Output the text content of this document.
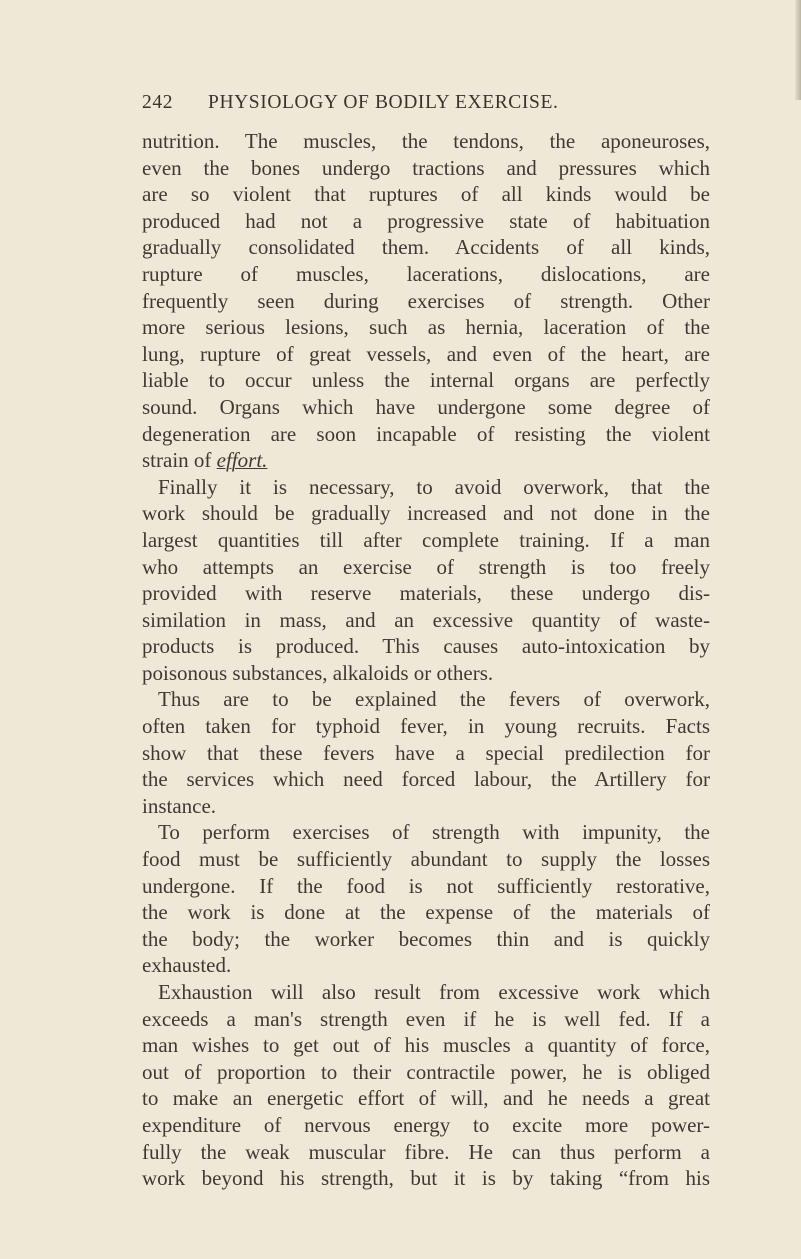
242 PHYSIOLOGY OF BODILY EXERCISE.
nutrition. The muscles, the tendons, the aponeuroses,
even the bones undergo tractions and pressures which
are so violent that ruptures of all kinds would be
produced had not a progressive state of habituation
gradually consolidated them. Accidents of all kinds,
rupture of muscles, lacerations, dislocations, are
frequently seen during exercises of strength. Other
more serious lesions, such as hernia, laceration of the
lung, rupture of great vessels, and even of the heart, are
liable to occur unless the internal organs are perfectly
sound. Organs which have undergone some degree of
degeneration are soon incapable of resisting the violent
strain of effort.
Finally it is necessary, to avoid overwork, that the
work should be gradually increased and not done in the
largest quantities till after complete training. If a man
who attempts an exercise of strength is too freely
provided with reserve materials, these undergo dis-
similation in mass, and an excessive quantity of waste-
products is produced. This causes auto-intoxication by
poisonous substances, alkaloids or others.
Thus are to be explained the fevers of overwork,
often taken for typhoid fever, in young recruits. Facts
show that these fevers have a special predilection for
the services which need forced labour, the Artillery for
instance.
To perform exercises of strength with impunity, the
food must be sufficiently abundant to supply the losses
undergone. If the food is not sufficiently restorative,
the work is done at the expense of the materials of
the body; the worker becomes thin and is quickly
exhausted.
Exhaustion will also result from excessive work which
exceeds a man's strength even if he is well fed. If a
man wishes to get out of his muscles a quantity of force,
out of proportion to their contractile power, he is obliged
to make an energetic effort of will, and he needs a great
expenditure of nervous energy to excite more power-
fully the weak muscular fibre. He can thus perform a
work beyond his strength, but it is by taking “from his
